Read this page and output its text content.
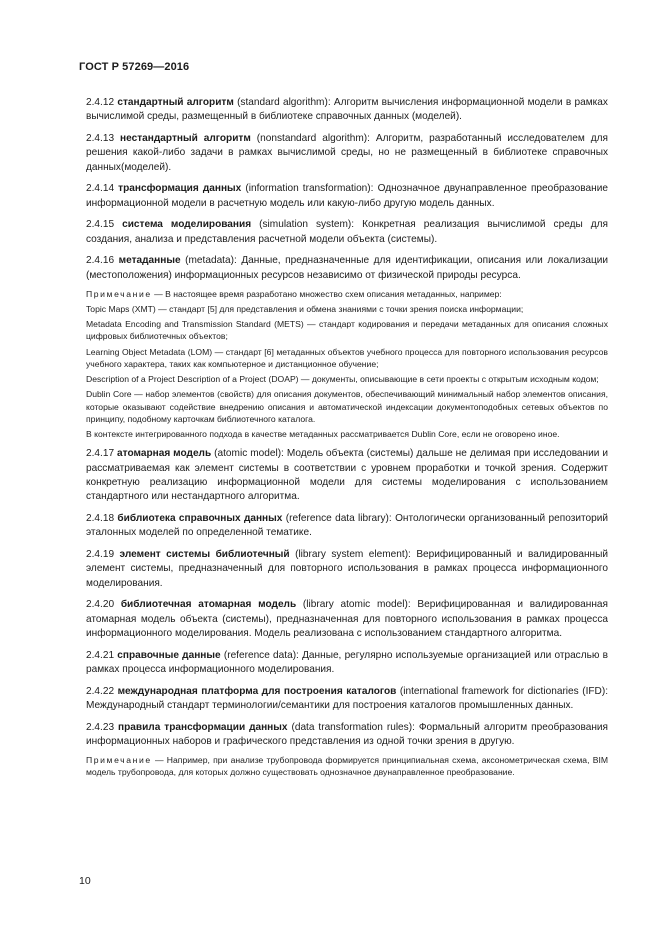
ГОСТ Р 57269—2016

2.4.12 стандартный алгоритм (standard algorithm): Алгоритм вычисления информационной модели в рамках вычислимой среды, размещенный в библиотеке справочных данных (моделей).

2.4.13 нестандартный алгоритм (nonstandard algorithm): Алгоритм, разработанный исследователем для решения какой-либо задачи в рамках вычислимой среды, но не размещенный в библиотеке справочных данных(моделей).

2.4.14 трансформация данных (information transformation): Однозначное двунаправленное преобразование информационной модели в расчетную модель или какую-либо другую модель данных.

2.4.15 система моделирования (simulation system): Конкретная реализация вычислимой среды для создания, анализа и представления расчетной модели объекта (системы).

2.4.16 метаданные (metadata): Данные, предназначенные для идентификации, описания или локализации (местоположения) информационных ресурсов независимо от физической природы ресурса.

Примечание — В настоящее время разработано множество схем описания метаданных, например:

Topic Maps (XMT) — стандарт [5] для представления и обмена знаниями с точки зрения поиска информации;

Metadata Encoding and Transmission Standard (METS) — стандарт кодирования и передачи метаданных для описания сложных цифровых библиотечных объектов;

Learning Object Metadata (LOM) — стандарт [6] метаданных объектов учебного процесса для повторного использования ресурсов учебного характера, таких как компьютерное и дистанционное обучение;

Description of a Project Description of a Project (DOAP) — документы, описывающие в сети проекты с открытым исходным кодом;

Dublin Core — набор элементов (свойств) для описания документов, обеспечивающий минимальный набор элементов описания, которые оказывают содействие внедрению описания и автоматической индексации документоподобных сетевых объектов по принципу, подобному карточкам библиотечного каталога.

В контексте интегрированного подхода в качестве метаданных рассматривается Dublin Core, если не оговорено иное.

2.4.17 атомарная модель (atomic model): Модель объекта (системы) дальше не делимая при исследовании и рассматриваемая как элемент системы в соответствии с уровнем проработки и точкой зрения. Содержит конкретную реализацию информационной модели для системы моделирования с использованием стандартного или нестандартного алгоритма.

2.4.18 библиотека справочных данных (reference data library): Онтологически организованный репозиторий эталонных моделей по определенной тематике.

2.4.19 элемент системы библиотечный (library system element): Верифицированный и валидированный элемент системы, предназначенный для повторного использования в рамках процесса информационного моделирования.

2.4.20 библиотечная атомарная модель (library atomic model): Верифицированная и валидированная атомарная модель объекта (системы), предназначенная для повторного использования в рамках процесса информационного моделирования. Модель реализована с использованием стандартного алгоритма.

2.4.21 справочные данные (reference data): Данные, регулярно используемые организацией или отраслью в рамках процесса информационного моделирования.

2.4.22 международная платформа для построения каталогов (international framework for dictionaries (IFD): Международный стандарт терминологии/семантики для построения каталогов промышленных данных.

2.4.23 правила трансформации данных (data transformation rules): Формальный алгоритм преобразования информационных наборов и графического представления из одной точки зрения в другую.

Примечание — Например, при анализе трубопровода формируется принципиальная схема, аксонометрическая схема, BIM модель трубопровода, для которых должно существовать однозначное двунаправленное преобразование.

10
